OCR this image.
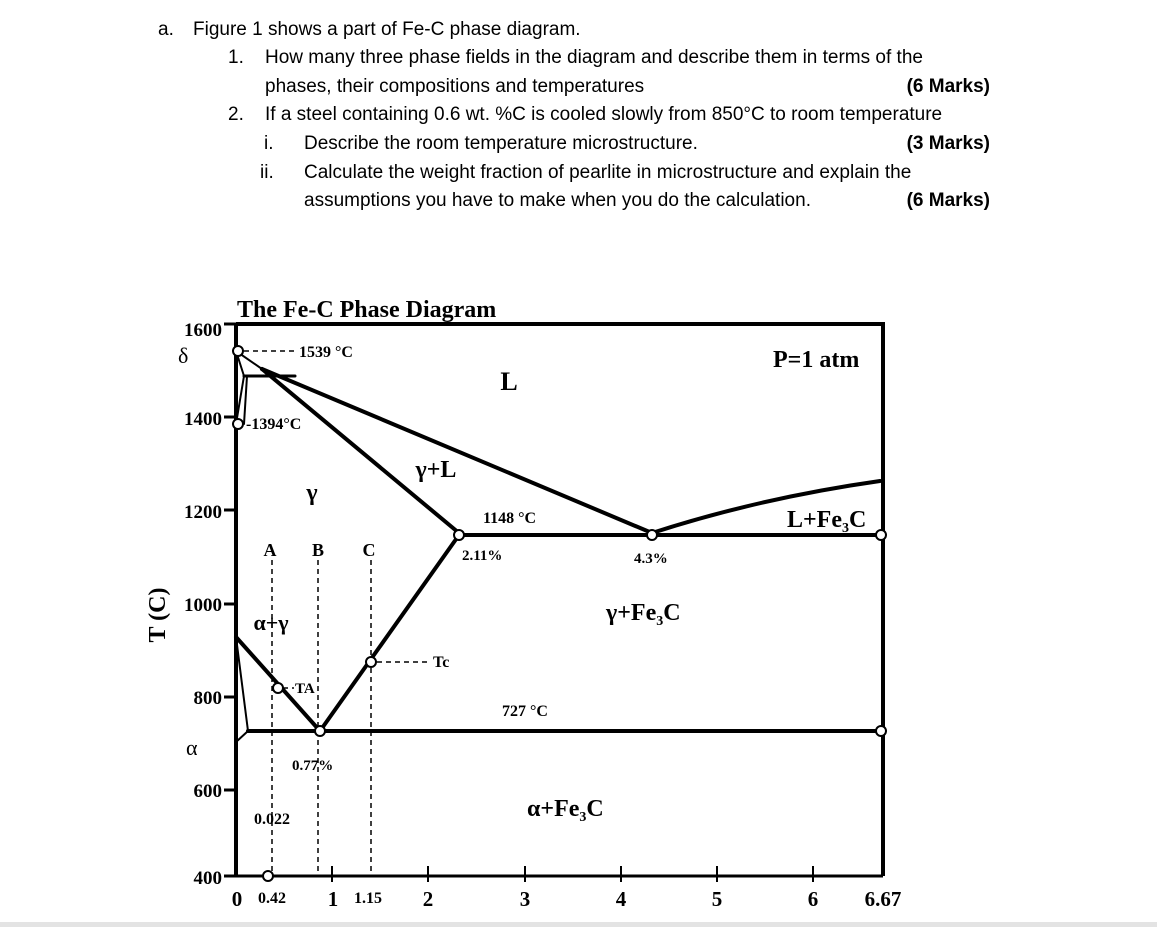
a. Figure 1 shows a part of Fe-C phase diagram.
1. How many three phase fields in the diagram and describe them in terms of the
phases, their compositions and temperatures	(6 Marks)
2. If a steel containing 0.6 wt. %C is cooled slowly from 850°C to room temperature
i. Describe the room temperature microstructure.	(3 Marks)
ii. Calculate the weight fraction of pearlite in microstructure and explain the
assumptions you have to make when you do the calculation.	(6 Marks)
The Fe-C Phase Diagram
1600
1400
1200
1000
800
600
400
δ
α
T (C)
0 0.42 1 1.15 2	3	4	5	6 6.67
1539 °C
-1394°C
1148 °C
2.11%	4.3%
727 °C
0.77%
0.022
Tc
TA
A B C
L
γ
γ+L
$L+Fe_3C$
α+γ	$\gamma+Fe_3C$
$\alpha+Fe_3C$
P=1 atm
